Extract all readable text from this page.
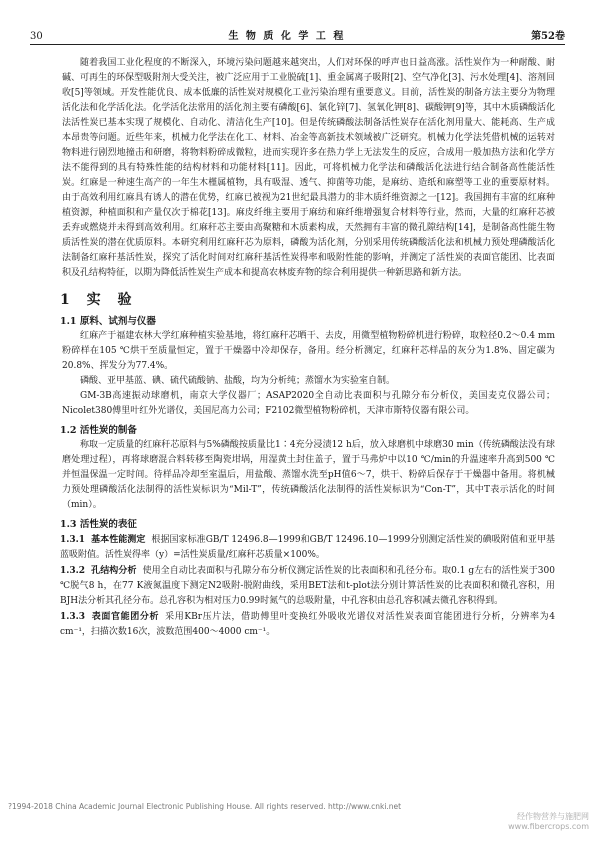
30	生 物 质 化 学 工 程	第52卷

随着我国工业化程度的不断深入，环境污染问题越来越突出，人们对环保的呼声也日益高涨。活性炭作为一种耐酸、耐碱、可再生的环保型吸附剂大受关注，被广泛应用于工业脱硫[1]、重金属离子吸附[2]、空气净化[3]、污水处理[4]、溶剂回收[5]等领域。开发性能优良、成本低廉的活性炭对规模化工业污染治理有重要意义。目前，活性炭的制备方法主要分为物理活化法和化学活化法。化学活化法常用的活化剂主要有磷酸[6]、氯化锌[7]、氢氧化钾[8]、碳酸钾[9]等，其中木质磷酸活化法活性炭已基本实现了规模化、自动化、清洁化生产[10]。但是传统磷酸法制备活性炭存在活化剂用量大、能耗高、生产成本昂贵等问题。近些年来，机械力化学法在化工、材料、冶金等高新技术领域被广泛研究。机械力化学法凭借机械的运转对物料进行剧烈地撞击和研磨，将物料粉碎成微粒，进而实现许多在热力学上无法发生的反应，合成用一般加热方法和化学方法不能得到的具有特殊性能的结构材料和功能材料[11]。因此，可将机械力化学法和磷酸活化法进行结合制备高性能活性炭。红麻是一种速生高产的一年生木槿属植物，具有吸湿、透气、抑菌等功能，是麻纺、造纸和麻塑等工业的重要原材料。由于高效利用红麻具有诱人的潜在优势，红麻已被视为21世纪最具潜力的非木质纤维资源之一[12]。我国拥有丰富的红麻种植资源，种植面积和产量仅次于棉花[13]。麻皮纤维主要用于麻纺和麻纤维增强复合材料等行业，然而，大量的红麻秆芯被丢弃或燃烧并未得到高效利用。红麻秆芯主要由高聚糖和木质素构成，天然拥有丰富的微孔隙结构[14]，是制备高性能生物质活性炭的潜在优质原料。本研究利用红麻秆芯为原料，磷酸为活化剂，分别采用传统磷酸活化法和机械力预处理磷酸活化法制备红麻秆基活性炭，探究了活化时间对红麻秆基活性炭得率和吸附性能的影响，并测定了活性炭的表面官能团、比表面积及孔结构特征，以期为降低活性炭生产成本和提高农林废弃物的综合利用提供一种新思路和新方法。

1 实 验
1.1 原料、试剂与仪器

红麻产于福建农林大学红麻种植实验基地，将红麻秆芯晒干、去皮，用微型植物粉碎机进行粉碎，取粒径0.2～0.4 mm粉碎样在105 ℃烘干至质量恒定，置于干燥器中冷却保存，备用。经分析测定，红麻秆芯样品的灰分为1.8%、固定碳为20.8%、挥发分为77.4%。

磷酸、亚甲基蓝、碘、硫代硫酸钠、盐酸，均为分析纯；蒸馏水为实验室自制。

GM-3B高速振动球磨机，南京大学仪器厂；ASAP2020全自动比表面积与孔隙分布分析仪，美国麦克仪器公司；Nicolet380傅里叶红外光谱仪，美国尼高力公司；F2102微型植物粉碎机，天津市斯特仪器有限公司。

1.2 活性炭的制备

称取一定质量的红麻秆芯原料与5%磷酸按质量比1∶4充分浸渍12 h后，放入球磨机中球磨30 min（传统磷酸法没有球磨处理过程），再将球磨混合料转移至陶瓷坩埚，用湿黄土封住盖子，置于马弗炉中以10 ℃/min的升温速率升高到500 ℃并恒温保温一定时间。待样品冷却至室温后，用盐酸、蒸馏水洗至pH值6～7，烘干、粉碎后保存于干燥器中备用。将机械力预处理磷酸活化法制得的活性炭标识为“Mil-T”，传统磷酸活化法制得的活性炭标识为“Con-T”，其中T表示活化的时间（min）。

1.3 活性炭的表征
1.3.1 基本性能测定 根据国家标准GB/T 12496.8—1999和GB/T 12496.10—1999分别测定活性炭的碘吸附值和亚甲基蓝吸附值。活性炭得率（y）=活性炭质量/红麻秆芯质量×100%。
1.3.2 孔结构分析 使用全自动比表面积与孔隙分布分析仪测定活性炭的比表面积和孔径分布。取0.1 g左右的活性炭于300 ℃脱气8 h，在77 K液氮温度下测定N2吸附-脱附曲线，采用BET法和t-plot法分别计算活性炭的比表面积和微孔容积，用BJH法分析其孔径分布。总孔容积为相对压力0.99时氮气的总吸附量，中孔容积由总孔容积减去微孔容积得到。
1.3.3 表面官能团分析 采用KBr压片法，借助傅里叶变换红外吸收光谱仪对活性炭表面官能团进行分析，分辨率为4 cm⁻¹，扫描次数16次，波数范围400～4000 cm⁻¹。
?1994-2018 China Academic Journal Electronic Publishing House. All rights reserved. http://www.cnki.net
经作物营养与施肥网
www.fibercrops.com
